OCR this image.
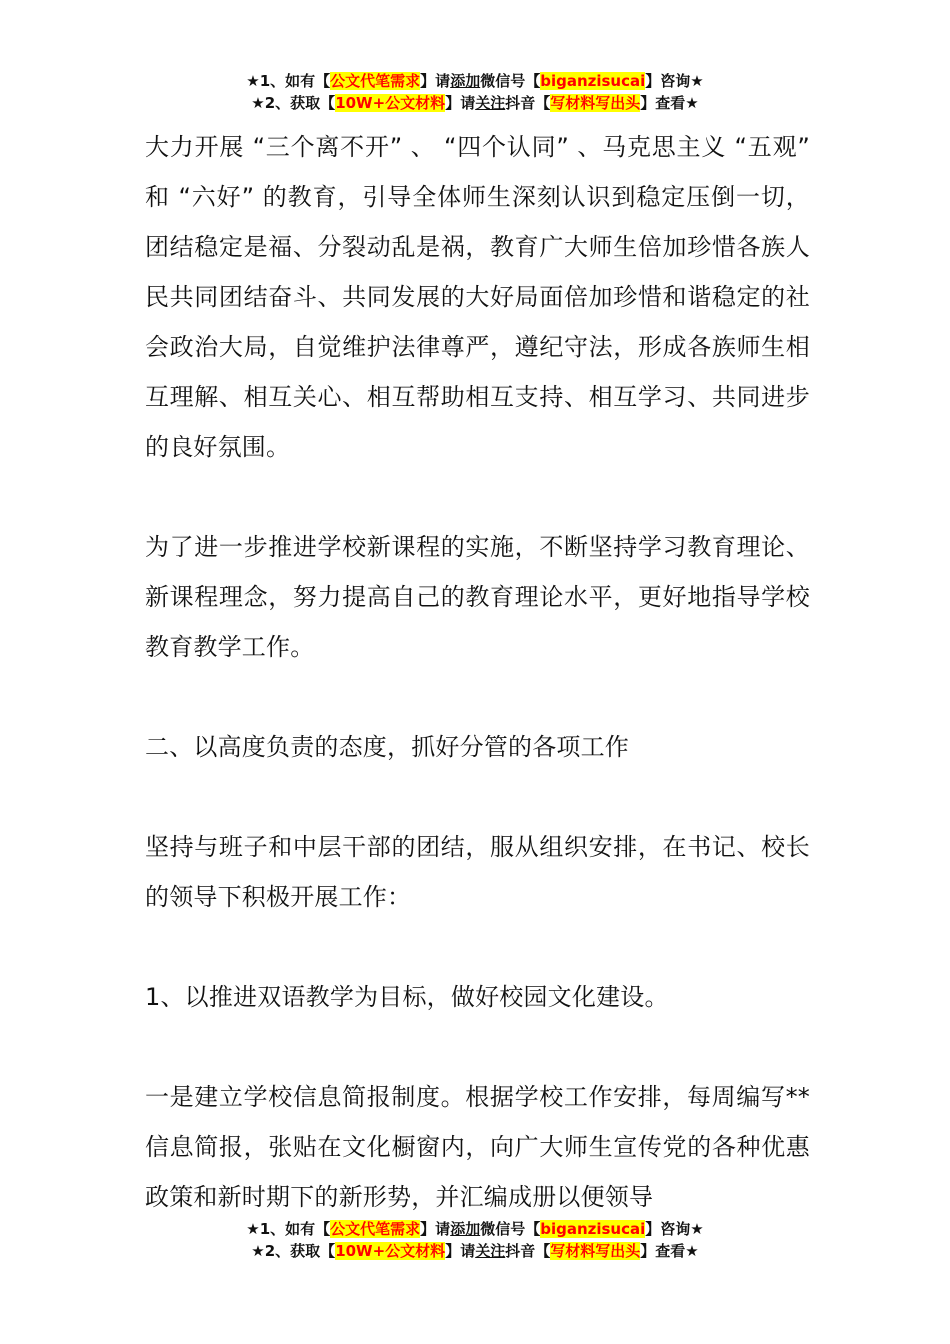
★1、如有【公文代笔需求】请添加微信号【biganzisucai】咨询★
★2、获取【10W+公文材料】请关注抖音【写材料写出头】查看★

大力开展 “三个离不开” 、 “四个认同” 、马克思主义 “五观” 和 “六好” 的教育，引导全体师生深刻认识到稳定压倒一切，团结稳定是福、分裂动乱是祸，教育广大师生倍加珍惜各族人民共同团结奋斗、共同发展的大好局面倍加珍惜和谐稳定的社会政治大局，自觉维护法律尊严，遵纪守法，形成各族师生相互理解、相互关心、相互帮助相互支持、相互学习、共同进步的良好氛围。

为了进一步推进学校新课程的实施，不断坚持学习教育理论、新课程理念，努力提高自己的教育理论水平，更好地指导学校教育教学工作。

二、以高度负责的态度，抓好分管的各项工作

坚持与班子和中层干部的团结，服从组织安排，在书记、校长的领导下积极开展工作：

1、以推进双语教学为目标，做好校园文化建设。

一是建立学校信息简报制度。根据学校工作安排，每周编写**信息简报，张贴在文化橱窗内，向广大师生宣传党的各种优惠政策和新时期下的新形势，并汇编成册以便领导

★1、如有【公文代笔需求】请添加微信号【biganzisucai】咨询★
★2、获取【10W+公文材料】请关注抖音【写材料写出头】查看★
